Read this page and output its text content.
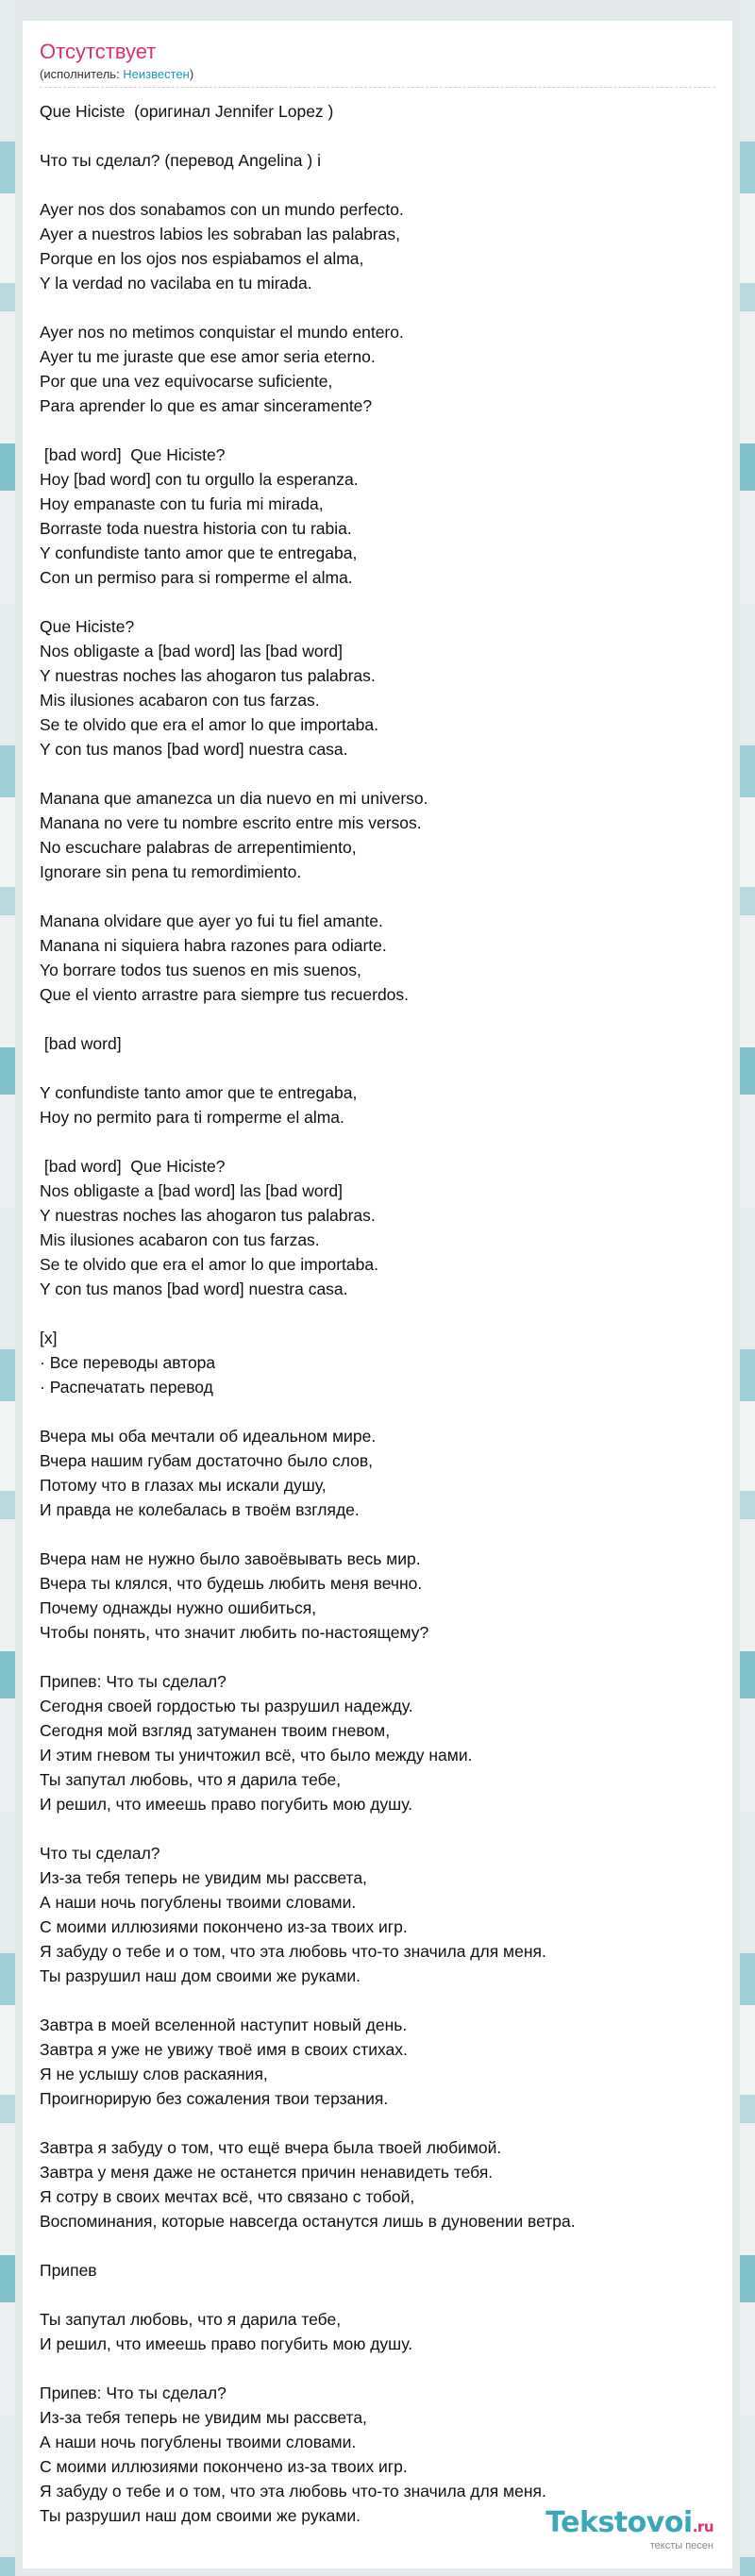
Отсутствует
(исполнитель: Неизвестен)
Que Hiciste  (оригинал Jennifer Lopez )
Что ты сделал? (перевод Angelina ) i
Ayer nos dos sonabamos con un mundo perfecto.
Ayer a nuestros labios les sobraban las palabras,
Porque en los ojos nos espiabamos el alma,
Y la verdad no vacilaba en tu mirada.
Ayer nos no metimos conquistar el mundo entero.
Ayer tu me juraste que ese amor seria eterno.
Por que una vez equivocarse suficiente,
Para aprender lo que es amar sinceramente?
[bad word]  Que Hiciste?
Hoy [bad word] con tu orgullo la esperanza.
Hoy empanaste con tu furia mi mirada,
Borraste toda nuestra historia con tu rabia.
Y confundiste tanto amor que te entregaba,
Con un permiso para si romperme el alma.
Que Hiciste?
Nos obligaste a [bad word] las [bad word]
Y nuestras noches las ahogaron tus palabras.
Mis ilusiones acabaron con tus farzas.
Se te olvido que era el amor lo que importaba.
Y con tus manos [bad word] nuestra casa.
Manana que amanezca un dia nuevo en mi universo.
Manana no vere tu nombre escrito entre mis versos.
No escuchare palabras de arrepentimiento,
Ignorare sin pena tu remordimiento.
Manana olvidare que ayer yo fui tu fiel amante.
Manana ni siquiera habra razones para odiarte.
Yo borrare todos tus suenos en mis suenos,
Que el viento arrastre para siempre tus recuerdos.
[bad word]
Y confundiste tanto amor que te entregaba,
Hoy no permito para ti romperme el alma.
[bad word]  Que Hiciste?
Nos obligaste a [bad word] las [bad word]
Y nuestras noches las ahogaron tus palabras.
Mis ilusiones acabaron con tus farzas.
Se te olvido que era el amor lo que importaba.
Y con tus manos [bad word] nuestra casa.
[x]
· Все переводы автора
· Распечатать перевод
Вчера мы оба мечтали об идеальном мире.
Вчера нашим губам достаточно было слов,
Потому что в глазах мы искали душу,
И правда не колебалась в твоём взгляде.
Вчера нам не нужно было завоёвывать весь мир.
Вчера ты клялся, что будешь любить меня вечно.
Почему однажды нужно ошибиться,
Чтобы понять, что значит любить по-настоящему?
Припев: Что ты сделал?
Сегодня своей гордостью ты разрушил надежду.
Сегодня мой взгляд затуманен твоим гневом,
И этим гневом ты уничтожил всё, что было между нами.
Ты запутал любовь, что я дарила тебе,
И решил, что имеешь право погубить мою душу.
Что ты сделал?
Из-за тебя теперь не увидим мы рассвета,
А наши ночь погублены твоими словами.
С моими иллюзиями покончено из-за твоих игр.
Я забуду о тебе и о том, что эта любовь что-то значила для меня.
Ты разрушил наш дом своими же руками.
Завтра в моей вселенной наступит новый день.
Завтра я уже не увижу твоё имя в своих стихах.
Я не услышу слов раскаяния,
Проигнорирую без сожаления твои терзания.
Завтра я забуду о том, что ещё вчера была твоей любимой.
Завтра у меня даже не останется причин ненавидеть тебя.
Я сотру в своих мечтах всё, что связано с тобой,
Воспоминания, которые навсегда останутся лишь в дуновении ветра.
Припев
Ты запутал любовь, что я дарила тебе,
И решил, что имеешь право погубить мою душу.
Припев: Что ты сделал?
Из-за тебя теперь не увидим мы рассвета,
А наши ночь погублены твоими словами.
С моими иллюзиями покончено из-за твоих игр.
Я забуду о тебе и о том, что эта любовь что-то значила для меня.
Ты разрушил наш дом своими же руками.	Tekstovoi.ru
тексты песен
